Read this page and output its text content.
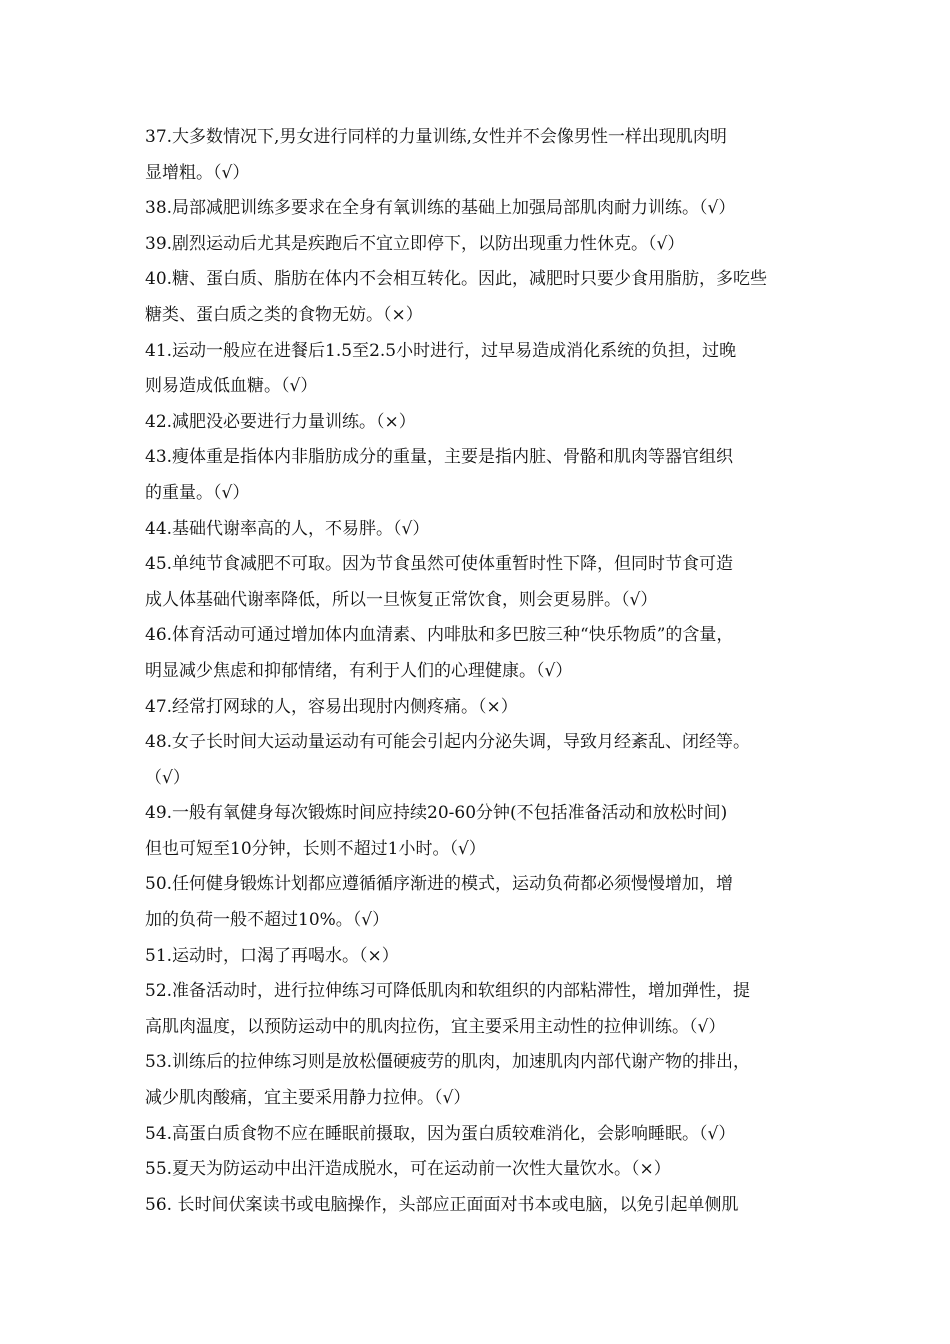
37.大多数情况下,男女进行同样的力量训练,女性并不会像男性一样出现肌肉明
显增粗。（√）
38.局部减肥训练多要求在全身有氧训练的基础上加强局部肌肉耐力训练。（√）
39.剧烈运动后尤其是疾跑后不宜立即停下，以防出现重力性休克。（√）
40.糖、蛋白质、脂肪在体内不会相互转化。因此，减肥时只要少食用脂肪，多吃些
糖类、蛋白质之类的食物无妨。（×）
41.运动一般应在进餐后1.5至2.5小时进行，过早易造成消化系统的负担，过晚
则易造成低血糖。（√）
42.减肥没必要进行力量训练。（×）
43.瘦体重是指体内非脂肪成分的重量，主要是指内脏、骨骼和肌肉等器官组织
的重量。（√）
44.基础代谢率高的人，不易胖。（√）
45.单纯节食减肥不可取。因为节食虽然可使体重暂时性下降，但同时节食可造
成人体基础代谢率降低，所以一旦恢复正常饮食，则会更易胖。（√）
46.体育活动可通过增加体内血清素、内啡肽和多巴胺三种“快乐物质”的含量，
明显减少焦虑和抑郁情绪，有利于人们的心理健康。（√）
47.经常打网球的人，容易出现肘内侧疼痛。（×）
48.女子长时间大运动量运动有可能会引起内分泌失调，导致月经紊乱、闭经等。
（√）
49.一般有氧健身每次锻炼时间应持续20-60分钟(不包括准备活动和放松时间)
但也可短至10分钟，长则不超过1小时。（√）
50.任何健身锻炼计划都应遵循循序渐进的模式，运动负荷都必须慢慢增加，增
加的负荷一般不超过10%。（√）
51.运动时，口渴了再喝水。（×）
52.准备活动时，进行拉伸练习可降低肌肉和软组织的内部粘滞性，增加弹性，提
高肌肉温度，以预防运动中的肌肉拉伤，宜主要采用主动性的拉伸训练。（√）
53.训练后的拉伸练习则是放松僵硬疲劳的肌肉，加速肌肉内部代谢产物的排出，
减少肌肉酸痛，宜主要采用静力拉伸。（√）
54.高蛋白质食物不应在睡眠前摄取，因为蛋白质较难消化，会影响睡眠。（√）
55.夏天为防运动中出汗造成脱水，可在运动前一次性大量饮水。（×）
56. 长时间伏案读书或电脑操作，头部应正面面对书本或电脑，以免引起单侧肌
